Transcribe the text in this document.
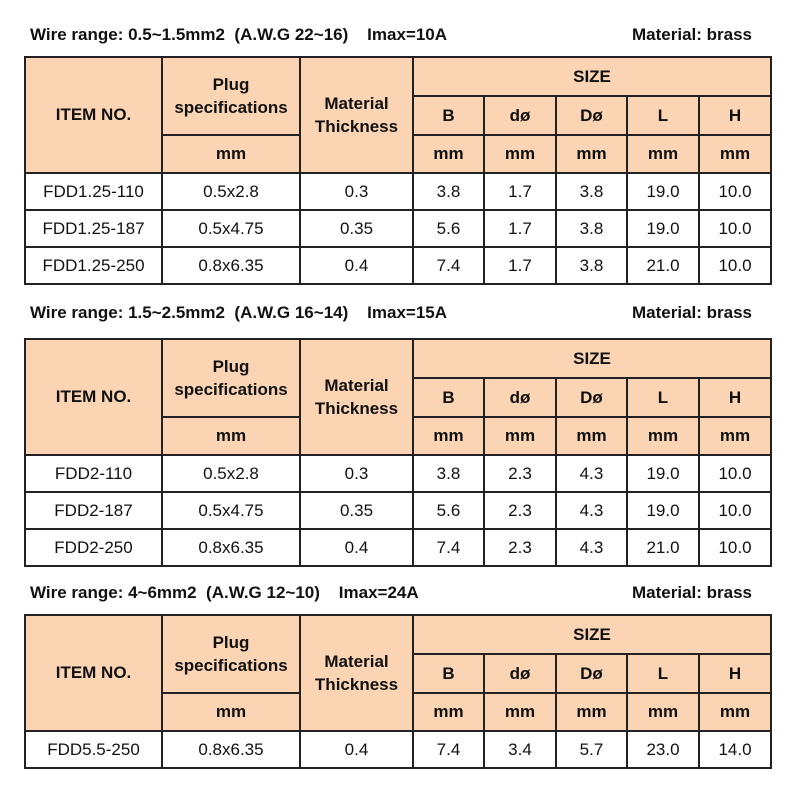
Wire range: 0.5~1.5mm2  (A.W.G 22~16)    Imax=10A	Material: brass
ITEM NO.	Plug specifications	Material Thickness	SIZE				
			B	dø	Dø	L	H
	mm		mm	mm	mm	mm	mm
FDD1.25-110	0.5x2.8	0.3	3.8	1.7	3.8	19.0	10.0
FDD1.25-187	0.5x4.75	0.35	5.6	1.7	3.8	19.0	10.0
FDD1.25-250	0.8x6.35	0.4	7.4	1.7	3.8	21.0	10.0
Wire range: 1.5~2.5mm2  (A.W.G 16~14)    Imax=15A	Material: brass
ITEM NO.	Plug specifications	Material Thickness	SIZE				
			B	dø	Dø	L	H
	mm		mm	mm	mm	mm	mm
FDD2-110	0.5x2.8	0.3	3.8	2.3	4.3	19.0	10.0
FDD2-187	0.5x4.75	0.35	5.6	2.3	4.3	19.0	10.0
FDD2-250	0.8x6.35	0.4	7.4	2.3	4.3	21.0	10.0
Wire range: 4~6mm2  (A.W.G 12~10)    Imax=24A	Material: brass
ITEM NO.	Plug specifications	Material Thickness	SIZE				
			B	dø	Dø	L	H
	mm		mm	mm	mm	mm	mm
FDD5.5-250	0.8x6.35	0.4	7.4	3.4	5.7	23.0	14.0
